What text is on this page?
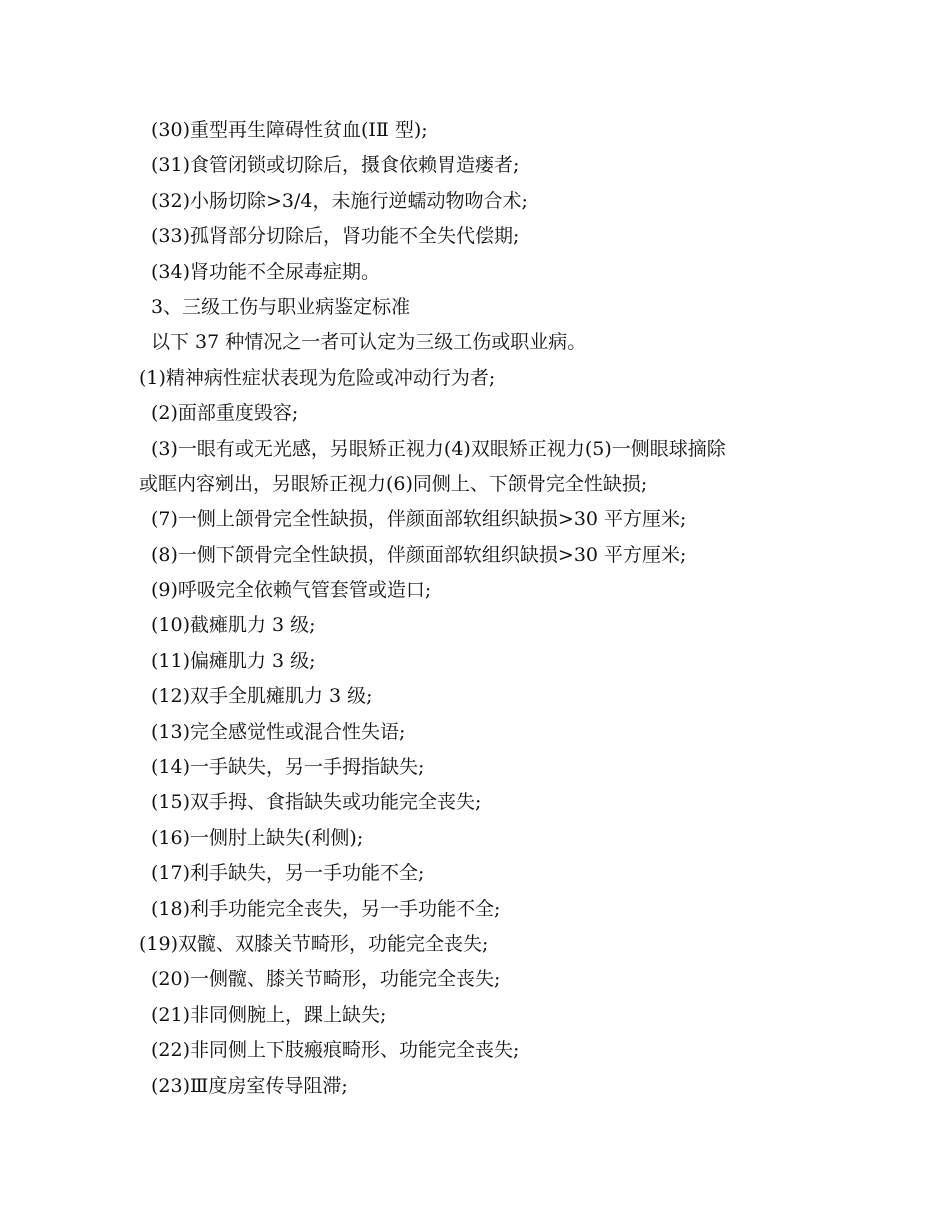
(30)重型再生障碍性贫血(ⅠⅡ 型);
(31)食管闭锁或切除后，摄食依赖胃造瘘者;
(32)小肠切除>3/4，未施行逆蠕动物吻合术;
(33)孤肾部分切除后，肾功能不全失代偿期;
(34)肾功能不全尿毒症期。
3、三级工伤与职业病鉴定标准
以下 37 种情况之一者可认定为三级工伤或职业病。
(1)精神病性症状表现为危险或冲动行为者;
(2)面部重度毁容;
(3)一眼有或无光感，另眼矫正视力(4)双眼矫正视力(5)一侧眼球摘除
或眶内容剜出，另眼矫正视力(6)同侧上、下颌骨完全性缺损;
(7)一侧上颌骨完全性缺损，伴颜面部软组织缺损>30 平方厘米;
(8)一侧下颌骨完全性缺损，伴颜面部软组织缺损>30 平方厘米;
(9)呼吸完全依赖气管套管或造口;
(10)截瘫肌力 3 级;
(11)偏瘫肌力 3 级;
(12)双手全肌瘫肌力 3 级;
(13)完全感觉性或混合性失语;
(14)一手缺失，另一手拇指缺失;
(15)双手拇、食指缺失或功能完全丧失;
(16)一侧肘上缺失(利侧);
(17)利手缺失，另一手功能不全;
(18)利手功能完全丧失，另一手功能不全;
(19)双髋、双膝关节畸形，功能完全丧失;
(20)一侧髋、膝关节畸形，功能完全丧失;
(21)非同侧腕上，踝上缺失;
(22)非同侧上下肢瘢痕畸形、功能完全丧失;
(23)Ⅲ度房室传导阻滞;
